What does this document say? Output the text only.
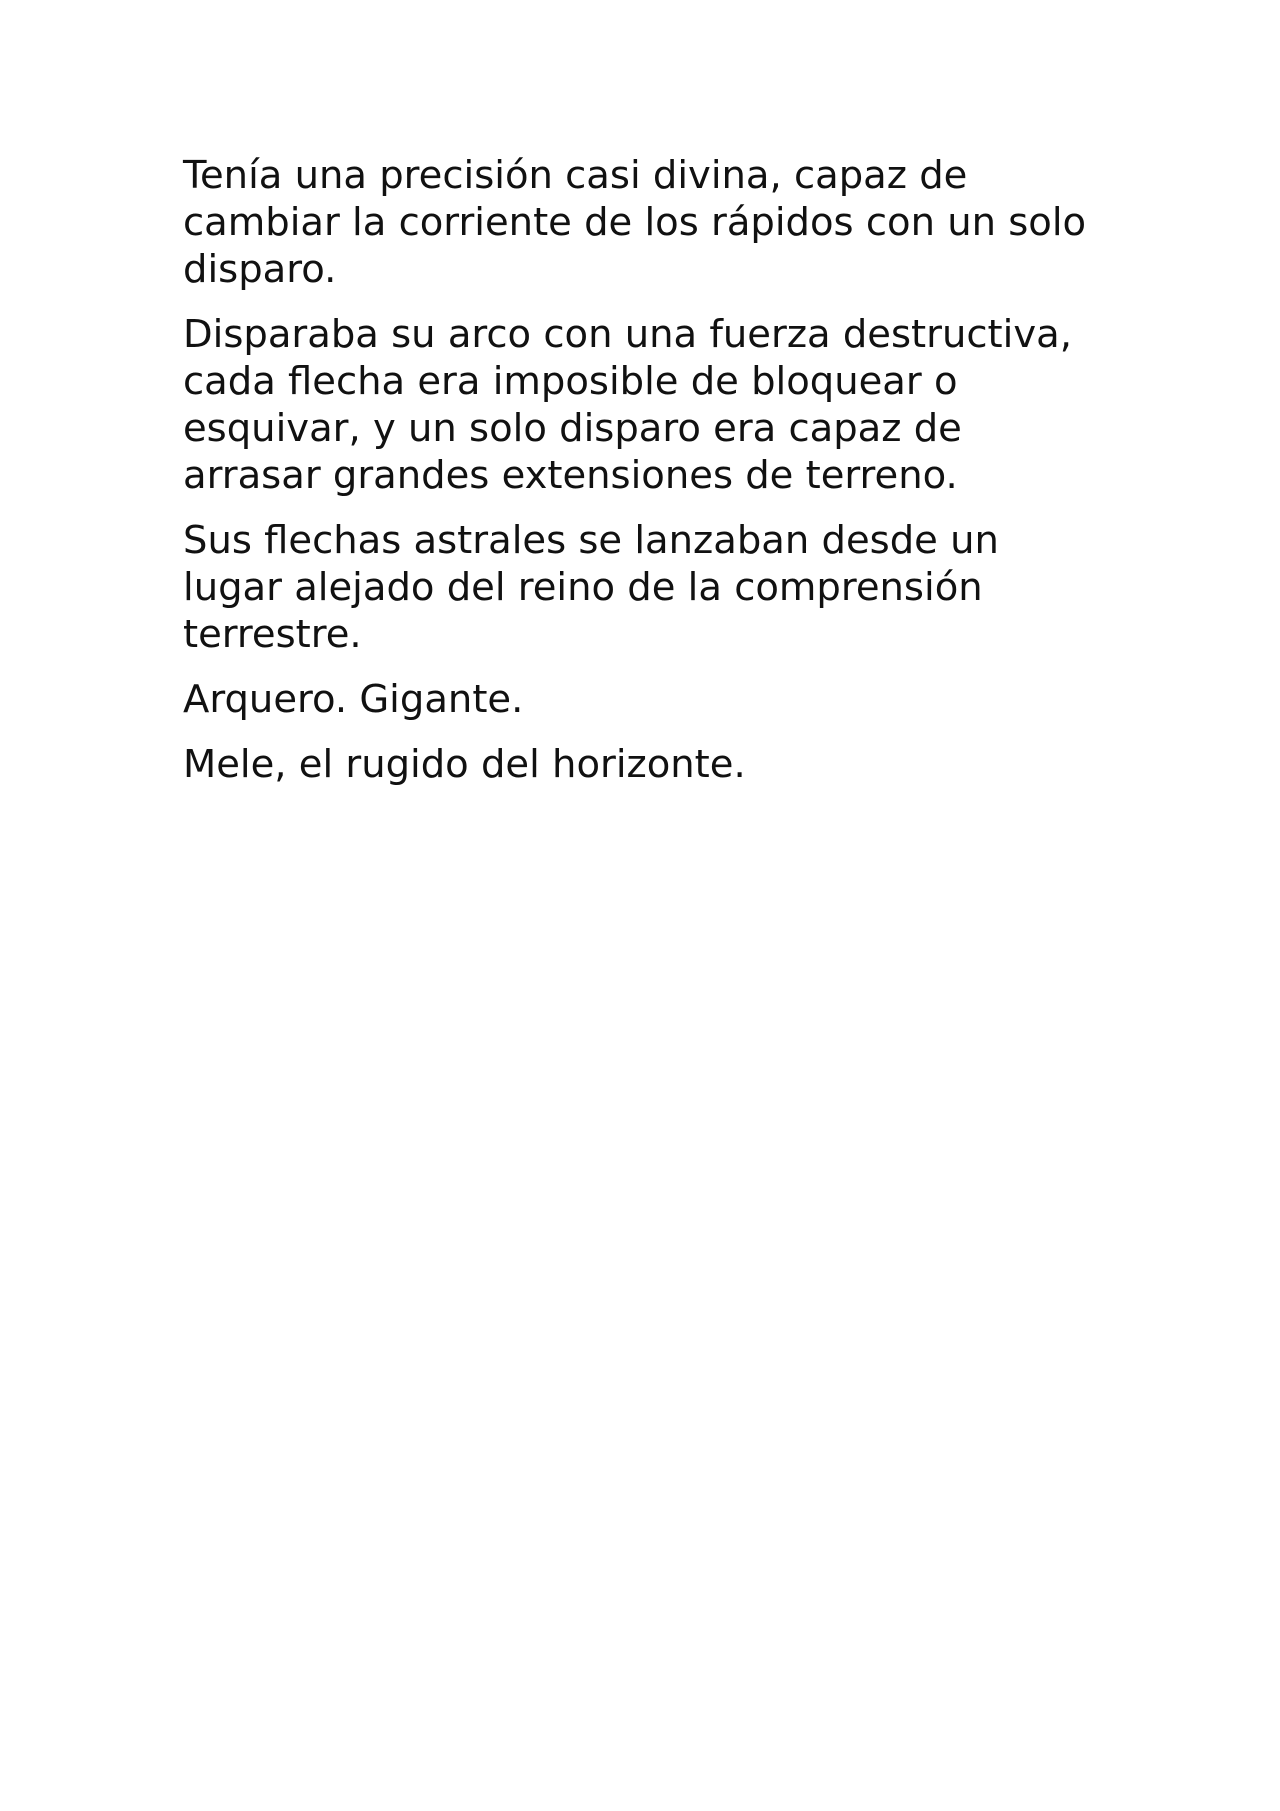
Tenía una precisión casi divina, capaz de
cambiar la corriente de los rápidos con un solo
disparo.

Disparaba su arco con una fuerza destructiva,
cada flecha era imposible de bloquear o
esquivar, y un solo disparo era capaz de
arrasar grandes extensiones de terreno.

Sus flechas astrales se lanzaban desde un
lugar alejado del reino de la comprensión
terrestre.

Arquero. Gigante.

Mele, el rugido del horizonte.
